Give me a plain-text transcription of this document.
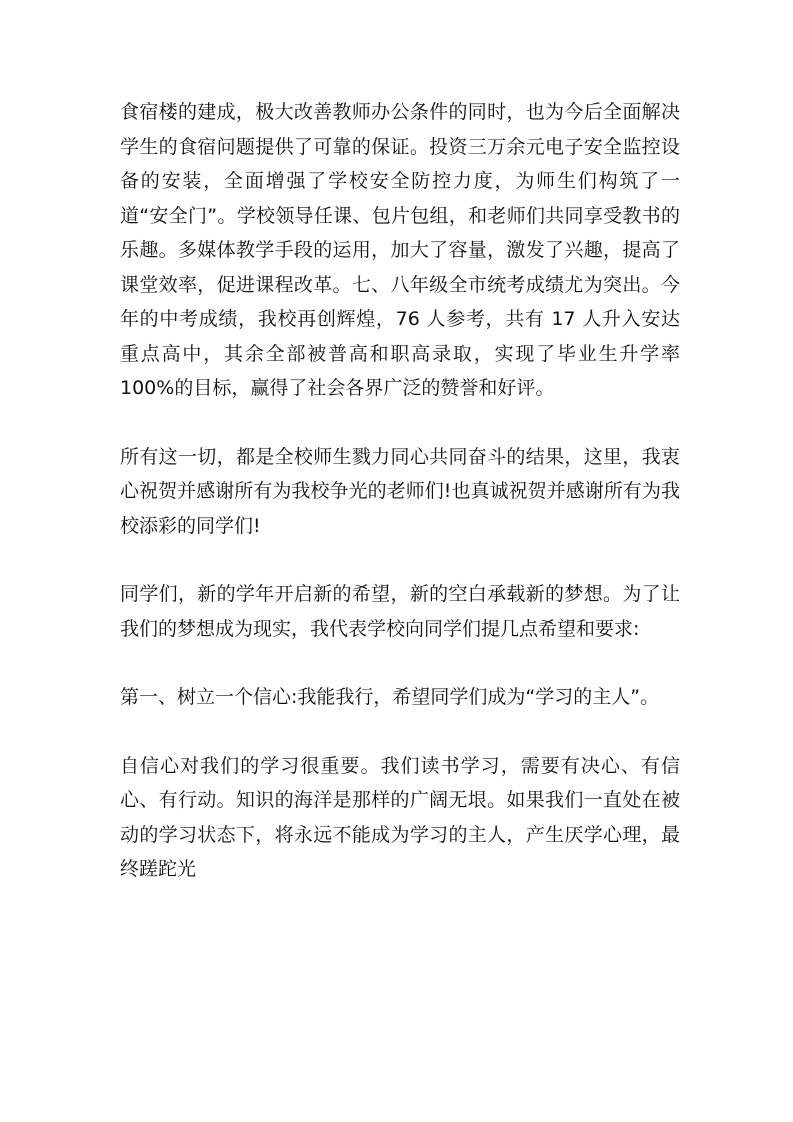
食宿楼的建成，极大改善教师办公条件的同时，也为今后全面解决学生的食宿问题提供了可靠的保证。投资三万余元电子安全监控设备的安装，全面增强了学校安全防控力度，为师生们构筑了一道“安全门”。学校领导任课、包片包组，和老师们共同享受教书的乐趣。多媒体教学手段的运用，加大了容量，激发了兴趣，提高了课堂效率，促进课程改革。七、八年级全市统考成绩尤为突出。今年的中考成绩，我校再创辉煌，76 人参考，共有 17 人升入安达重点高中，其余全部被普高和职高录取，实现了毕业生升学率 100%的目标，赢得了社会各界广泛的赞誉和好评。

所有这一切，都是全校师生戮力同心共同奋斗的结果，这里，我衷心祝贺并感谢所有为我校争光的老师们!也真诚祝贺并感谢所有为我校添彩的同学们!

同学们，新的学年开启新的希望，新的空白承载新的梦想。为了让我们的梦想成为现实，我代表学校向同学们提几点希望和要求:

第一、树立一个信心:我能我行，希望同学们成为“学习的主人”。

自信心对我们的学习很重要。我们读书学习，需要有决心、有信心、有行动。知识的海洋是那样的广阔无垠。如果我们一直处在被动的学习状态下，将永远不能成为学习的主人，产生厌学心理，最终蹉跎光
